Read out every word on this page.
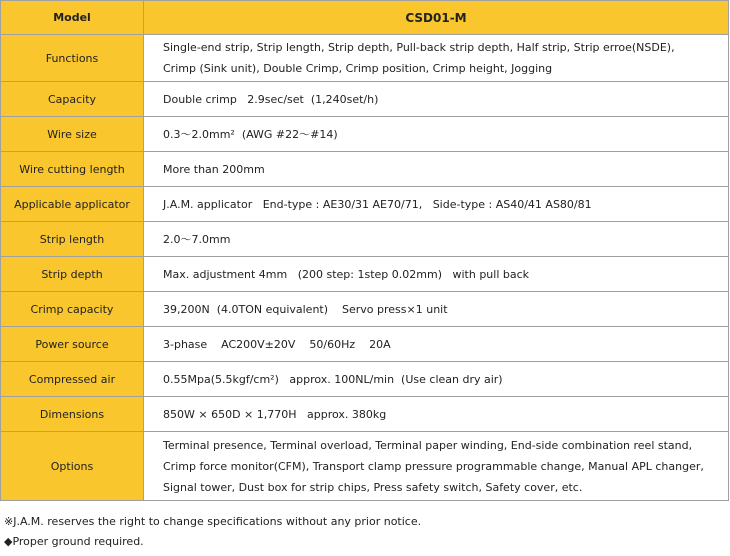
Model	CSD01-M
Functions	Single-end strip, Strip length, Strip depth, Pull-back strip depth, Half strip, Strip erroe(NSDE),
Crimp (Sink unit), Double Crimp, Crimp position, Crimp height, Jogging

Capacity	Double crimp   2.9sec/set  (1,240set/h)
Wire size	0.3～2.0mm²  (AWG #22～#14)
Wire cutting length	More than 200mm
Applicable applicator	J.A.M. applicator   End-type : AE30/31 AE70/71,   Side-type : AS40/41 AS80/81
Strip length	2.0～7.0mm
Strip depth	Max. adjustment 4mm   (200 step: 1step 0.02mm)   with pull back
Crimp capacity	39,200N  (4.0TON equivalent)    Servo press×1 unit
Power source	3-phase    AC200V±20V    50/60Hz    20A
Compressed air	0.55Mpa(5.5kgf/cm²)   approx. 100NL/min  (Use clean dry air)
Dimensions	850W × 650D × 1,770H   approx. 380kg
Options	Terminal presence, Terminal overload, Terminal paper winding, End-side combination reel stand,
Crimp force monitor(CFM), Transport clamp pressure programmable change, Manual APL changer,
Signal tower, Dust box for strip chips, Press safety switch, Safety cover, etc.
※J.A.M. reserves the right to change specifications without any prior notice.
◆Proper ground required.
